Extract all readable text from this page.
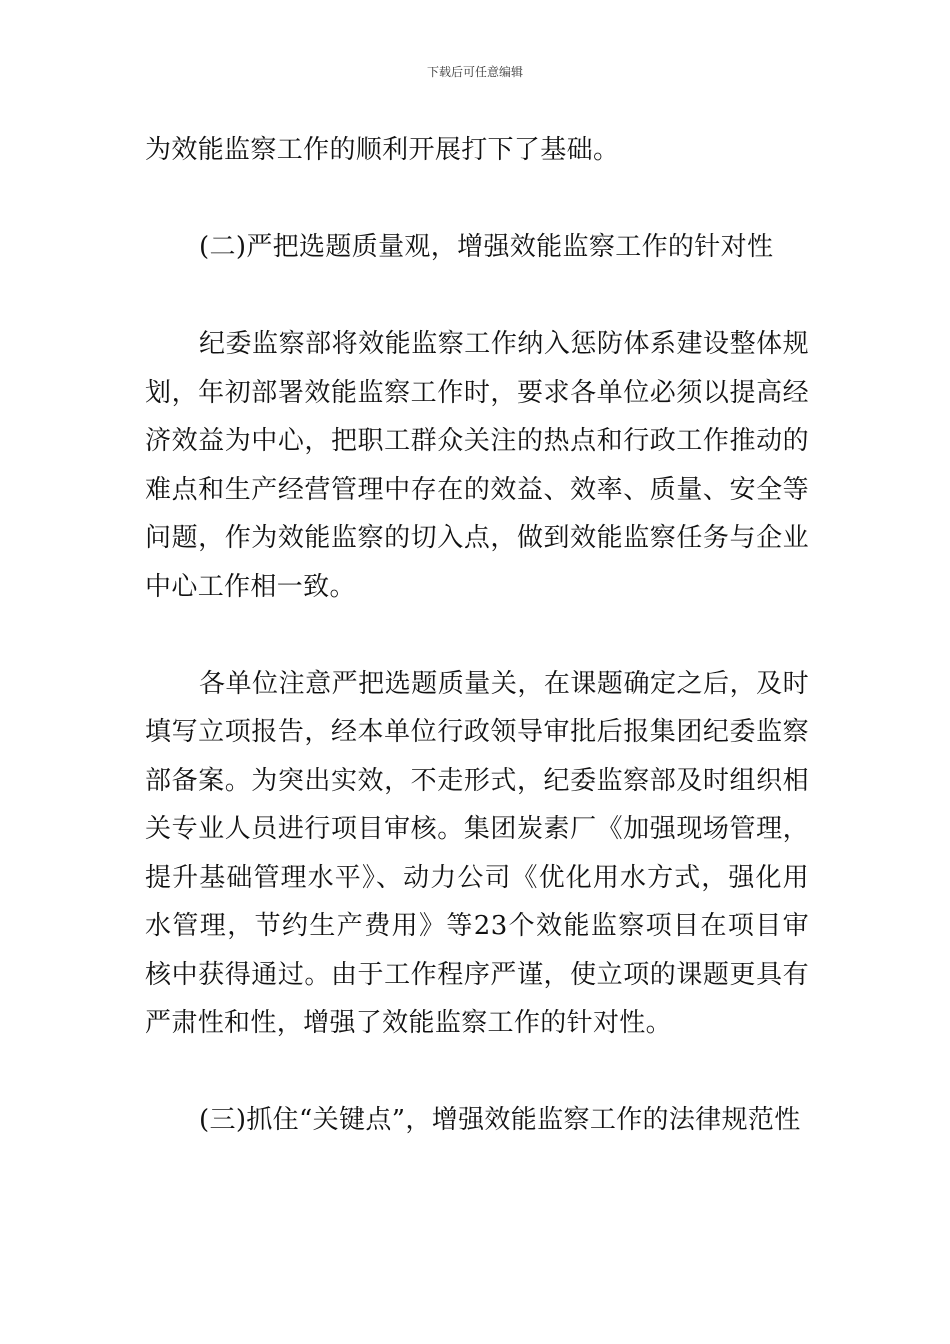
下载后可任意编辑

为效能监察工作的顺利开展打下了基础。

(二)严把选题质量观，增强效能监察工作的针对性

纪委监察部将效能监察工作纳入惩防体系建设整体规划，年初部署效能监察工作时，要求各单位必须以提高经济效益为中心，把职工群众关注的热点和行政工作推动的难点和生产经营管理中存在的效益、效率、质量、安全等问题，作为效能监察的切入点，做到效能监察任务与企业中心工作相一致。

各单位注意严把选题质量关，在课题确定之后，及时填写立项报告，经本单位行政领导审批后报集团纪委监察部备案。为突出实效，不走形式，纪委监察部及时组织相关专业人员进行项目审核。集团炭素厂《加强现场管理，提升基础管理水平》、动力公司《优化用水方式，强化用水管理，节约生产费用》等23个效能监察项目在项目审核中获得通过。由于工作程序严谨，使立项的课题更具有严肃性和性，增强了效能监察工作的针对性。

(三)抓住“关键点”，增强效能监察工作的法律规范性
